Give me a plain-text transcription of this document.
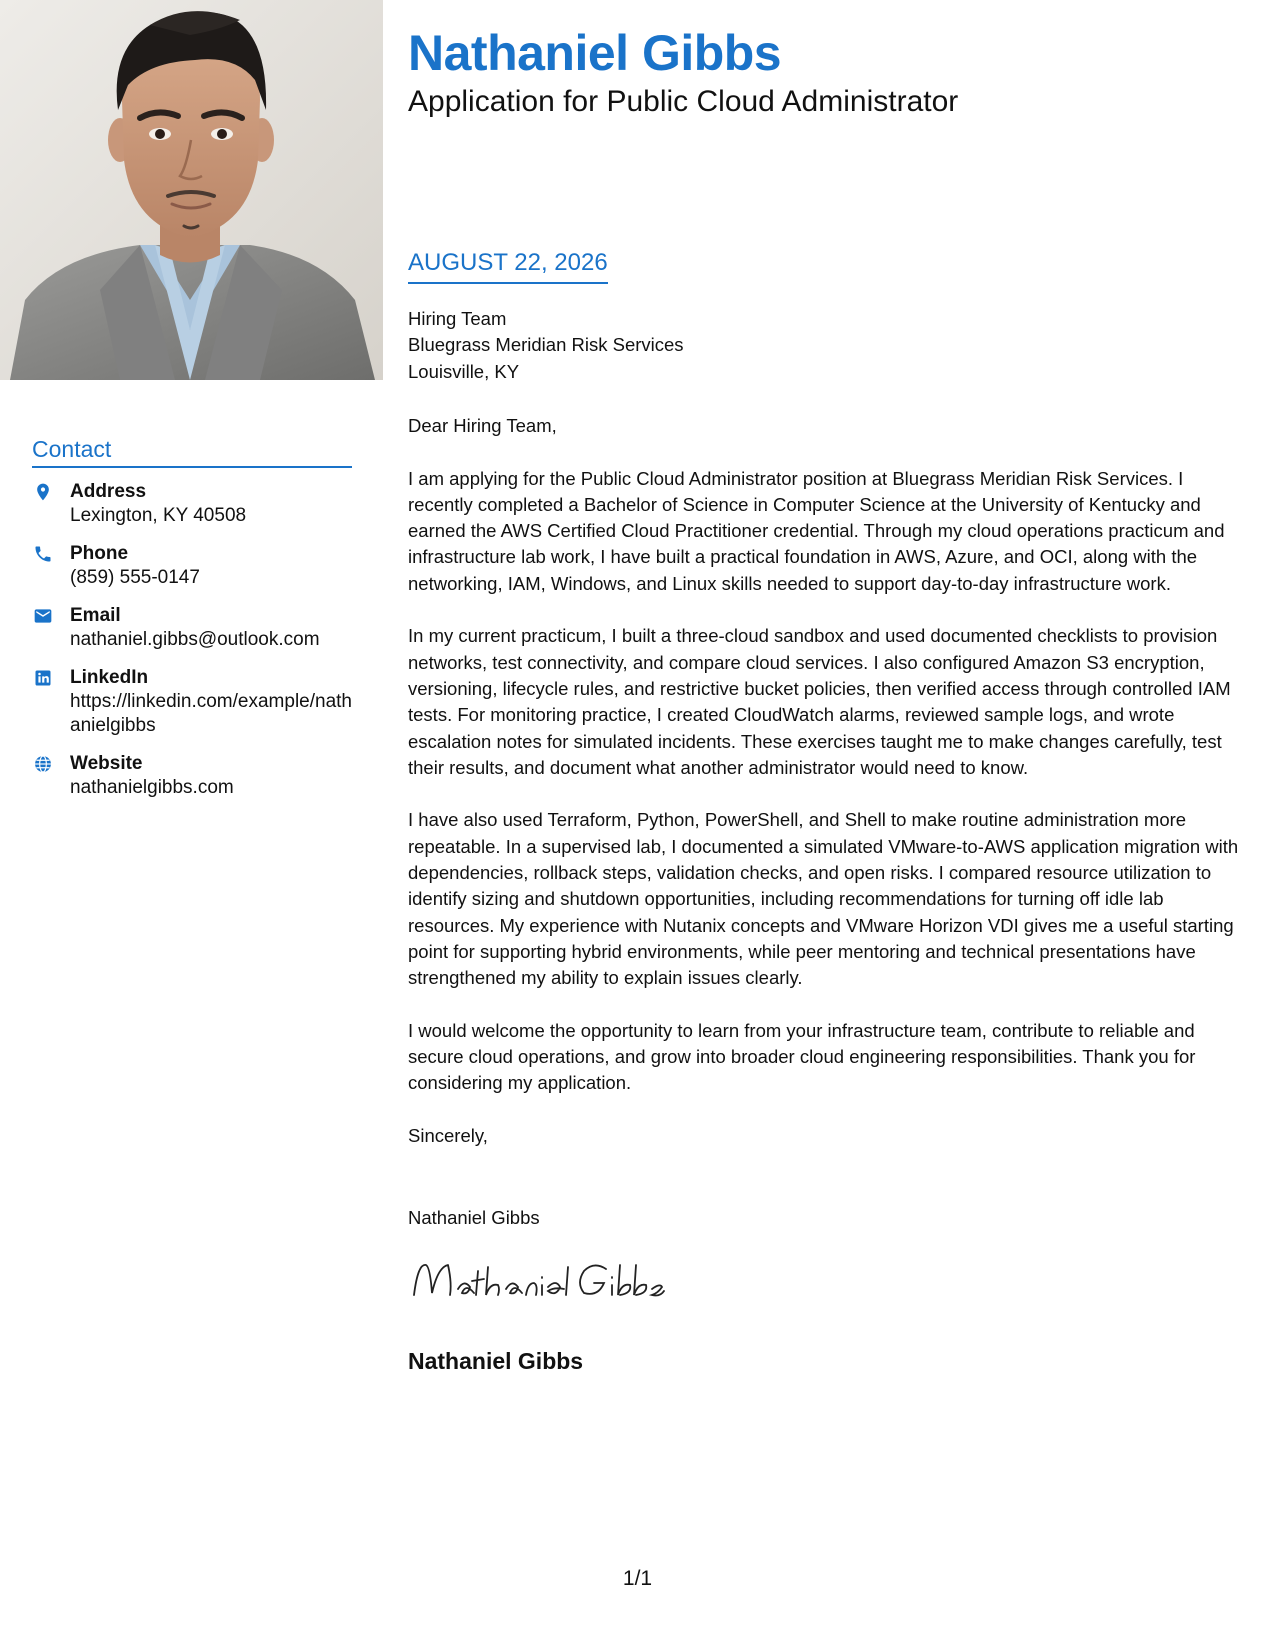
Contact
Address
Lexington, KY 40508
Phone
(859) 555-0147
Email
nathaniel.gibbs@outlook.com
LinkedIn
https://linkedin.com/example/nathanielgibbs
Website
nathanielgibbs.com
Nathaniel Gibbs
Application for Public Cloud Administrator
AUGUST 22, 2026
Hiring Team
Bluegrass Meridian Risk Services
Louisville, KY

Dear Hiring Team,

I am applying for the Public Cloud Administrator position at Bluegrass Meridian Risk Services. I recently completed a Bachelor of Science in Computer Science at the University of Kentucky and earned the AWS Certified Cloud Practitioner credential. Through my cloud operations practicum and infrastructure lab work, I have built a practical foundation in AWS, Azure, and OCI, along with the networking, IAM, Windows, and Linux skills needed to support day-to-day infrastructure work.

In my current practicum, I built a three-cloud sandbox and used documented checklists to provision networks, test connectivity, and compare cloud services. I also configured Amazon S3 encryption, versioning, lifecycle rules, and restrictive bucket policies, then verified access through controlled IAM tests. For monitoring practice, I created CloudWatch alarms, reviewed sample logs, and wrote escalation notes for simulated incidents. These exercises taught me to make changes carefully, test their results, and document what another administrator would need to know.

I have also used Terraform, Python, PowerShell, and Shell to make routine administration more repeatable. In a supervised lab, I documented a simulated VMware-to-AWS application migration with dependencies, rollback steps, validation checks, and open risks. I compared resource utilization to identify sizing and shutdown opportunities, including recommendations for turning off idle lab resources. My experience with Nutanix concepts and VMware Horizon VDI gives me a useful starting point for supporting hybrid environments, while peer mentoring and technical presentations have strengthened my ability to explain issues clearly.

I would welcome the opportunity to learn from your infrastructure team, contribute to reliable and secure cloud operations, and grow into broader cloud engineering responsibilities. Thank you for considering my application.

Sincerely,

Nathaniel Gibbs
Nathaniel Gibbs
1/1
